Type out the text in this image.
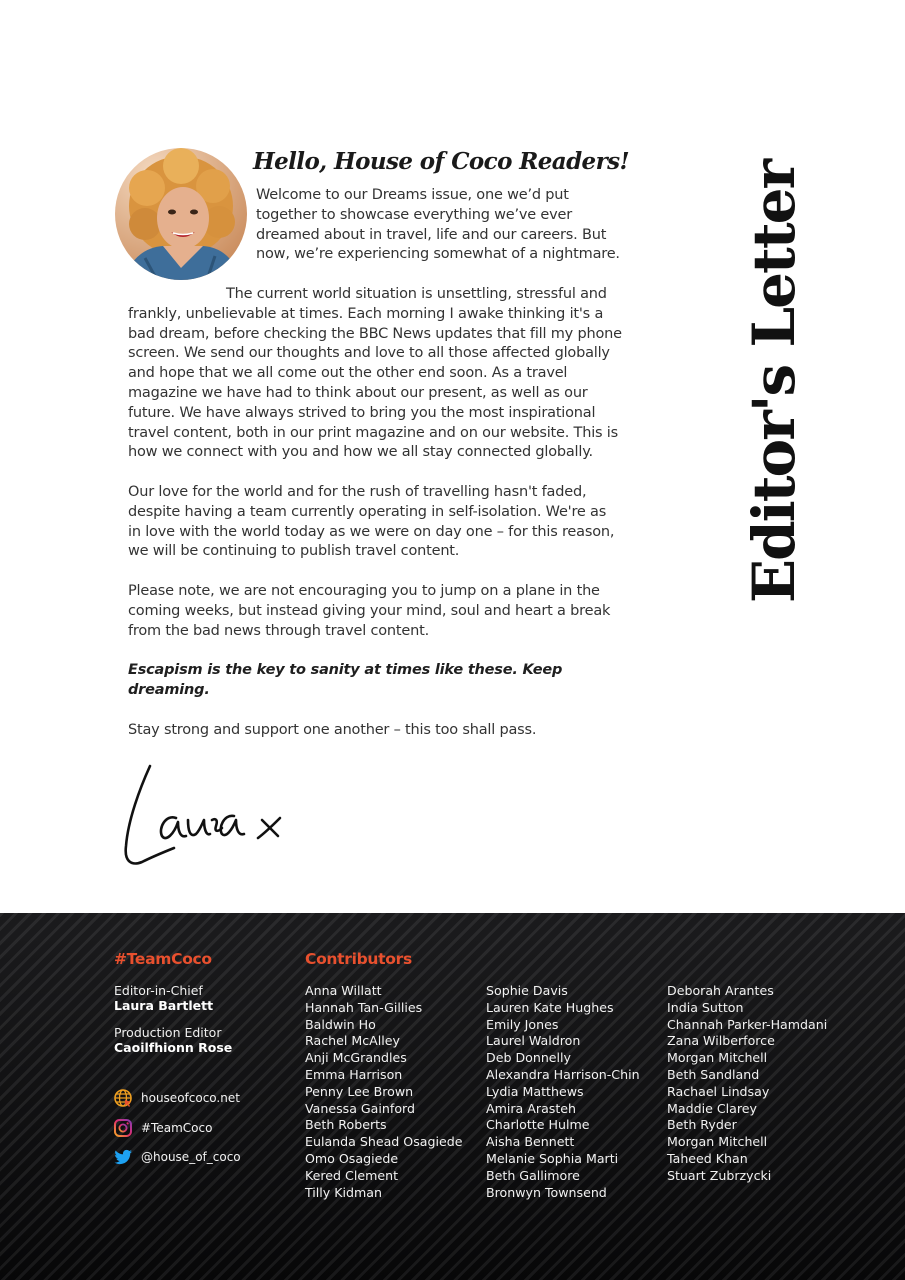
Hello, House of Coco Readers!
Welcome to our Dreams issue, one we’d put together to showcase everything we’ve ever dreamed about in travel, life and our careers. But now, we’re experiencing somewhat of a nightmare.

The current world situation is unsettling, stressful and frankly, unbelievable at times. Each morning I awake thinking it's a bad dream, before checking the BBC News updates that fill my phone screen. We send our thoughts and love to all those affected globally and hope that we all come out the other end soon. As a travel magazine we have had to think about our present, as well as our future. We have always strived to bring you the most inspirational travel content, both in our print magazine and on our website. This is how we connect with you and how we all stay connected globally.

Our love for the world and for the rush of travelling hasn't faded, despite having a team currently operating in self-isolation. We're as in love with the world today as we were on day one – for this reason, we will be continuing to publish travel content.

Please note, we are not encouraging you to jump on a plane in the coming weeks, but instead giving your mind, soul and heart a break from the bad news through travel content.

Escapism is the key to sanity at times like these. Keep dreaming.

Stay strong and support one another – this too shall pass.

Editor's Letter
#TeamCoco
Editor-in-Chief
Laura Bartlett
Production Editor
Caoilfhionn Rose
houseofcoco.net
#TeamCoco
@house_of_coco
Contributors
Anna Willatt
Hannah Tan-Gillies
Baldwin Ho
Rachel McAlley
Anji McGrandles
Emma Harrison
Penny Lee Brown
Vanessa Gainford
Beth Roberts
Eulanda Shead Osagiede
Omo Osagiede
Kered Clement
Tilly Kidman
Sophie Davis
Lauren Kate Hughes
Emily Jones
Laurel Waldron
Deb Donnelly
Alexandra Harrison-Chin
Lydia Matthews
Amira Arasteh
Charlotte Hulme
Aisha Bennett
Melanie Sophia Marti
Beth Gallimore
Bronwyn Townsend
Deborah Arantes
India Sutton
Channah Parker-Hamdani
Zana Wilberforce
Morgan Mitchell
Beth Sandland
Rachael Lindsay
Maddie Clarey
Beth Ryder
Morgan Mitchell
Taheed Khan
Stuart Zubrzycki
